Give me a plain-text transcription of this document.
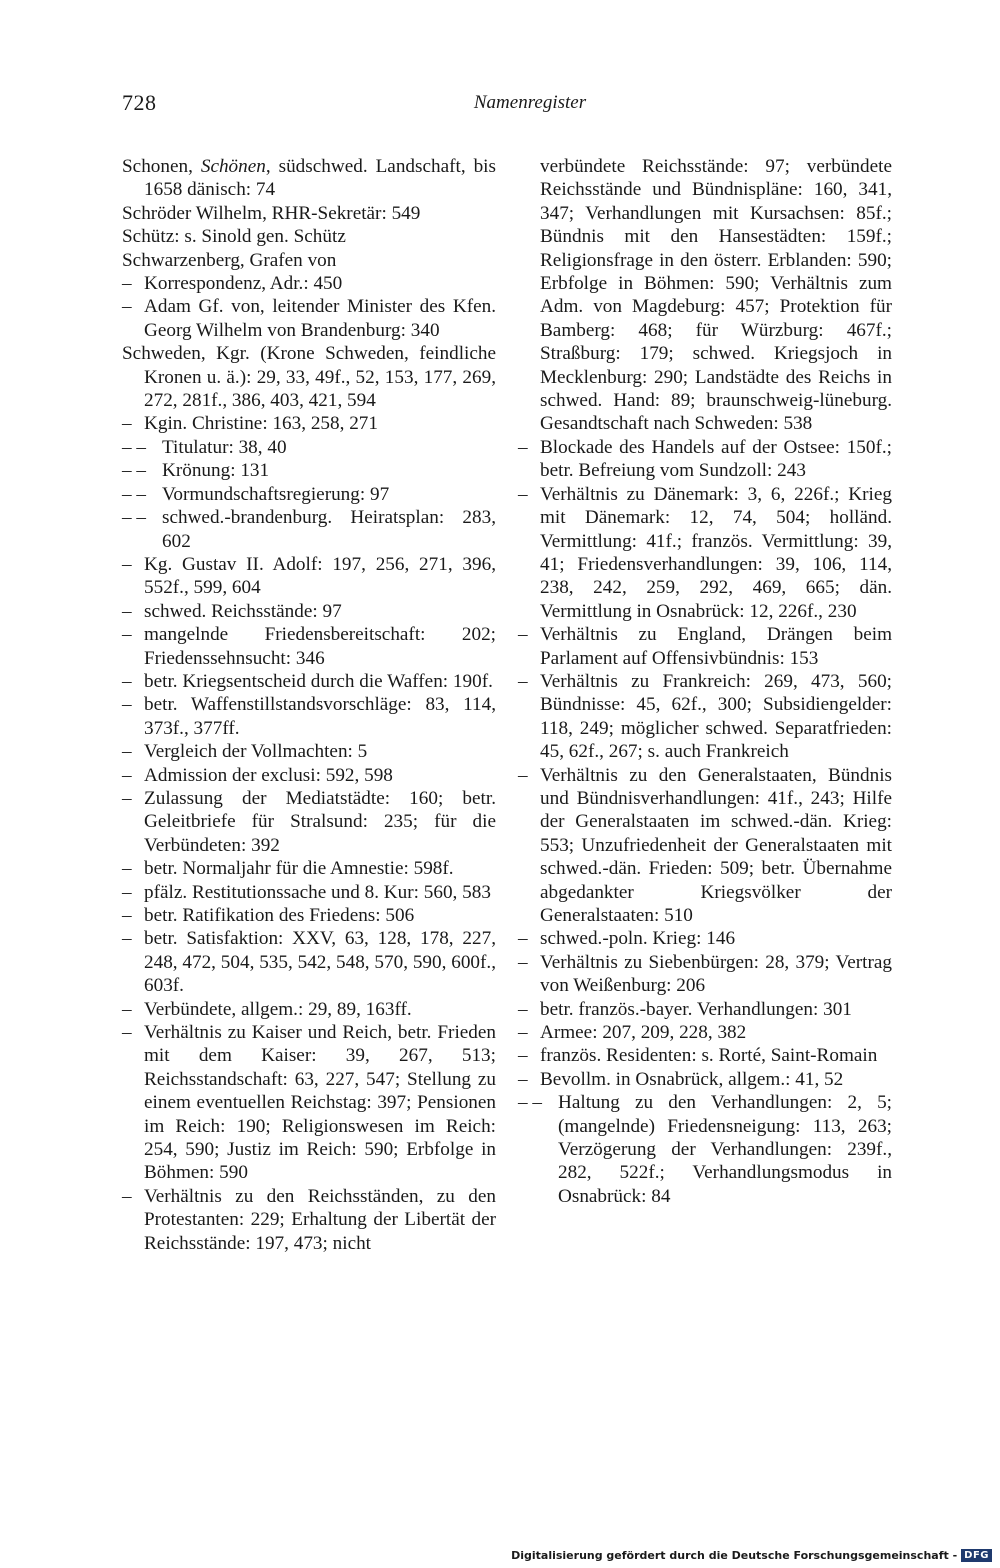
728	Namenregister

Schonen, Schönen, südschwed. Landschaft, bis 1658 dänisch: 74

Schröder Wilhelm, RHR-Sekretär: 549

Schütz: s. Sinold gen. Schütz

Schwarzenberg, Grafen von

– Korrespondenz, Adr.: 450

– Adam Gf. von, leitender Minister des Kfen. Georg Wilhelm von Brandenburg: 340

Schweden, Kgr. (Krone Schweden, feindliche Kronen u. ä.): 29, 33, 49f., 52, 153, 177, 269, 272, 281f., 386, 403, 421, 594

– Kgin. Christine: 163, 258, 271

– – Titulatur: 38, 40

– – Krönung: 131

– – Vormundschaftsregierung: 97

– – schwed.-brandenburg. Heiratsplan: 283, 602

– Kg. Gustav II. Adolf: 197, 256, 271, 396, 552f., 599, 604

– schwed. Reichsstände: 97

– mangelnde Friedensbereitschaft: 202; Friedenssehnsucht: 346

– betr. Kriegsentscheid durch die Waffen: 190f.

– betr. Waffenstillstandsvorschläge: 83, 114, 373f., 377ff.

– Vergleich der Vollmachten: 5

– Admission der exclusi: 592, 598

– Zulassung der Mediatstädte: 160; betr. Geleitbriefe für Stralsund: 235; für die Verbündeten: 392

– betr. Normaljahr für die Amnestie: 598f.

– pfälz. Restitutionssache und 8. Kur: 560, 583

– betr. Ratifikation des Friedens: 506

– betr. Satisfaktion: XXV, 63, 128, 178, 227, 248, 472, 504, 535, 542, 548, 570, 590, 600f., 603f.

– Verbündete, allgem.: 29, 89, 163ff.

– Verhältnis zu Kaiser und Reich, betr. Frieden mit dem Kaiser: 39, 267, 513; Reichsstandschaft: 63, 227, 547; Stellung zu einem eventuellen Reichstag: 397; Pensionen im Reich: 190; Religionswesen im Reich: 254, 590; Justiz im Reich: 590; Erbfolge in Böhmen: 590

– Verhältnis zu den Reichsständen, zu den Protestanten: 229; Erhaltung der Libertät der Reichsstände: 197, 473; nicht

verbündete Reichsstände: 97; verbündete Reichsstände und Bündnispläne: 160, 341, 347; Verhandlungen mit Kursachsen: 85f.; Bündnis mit den Hansestädten: 159f.; Religionsfrage in den österr. Erblanden: 590; Erbfolge in Böhmen: 590; Verhältnis zum Adm. von Magdeburg: 457; Protektion für Bamberg: 468; für Würzburg: 467f.; Straßburg: 179; schwed. Kriegsjoch in Mecklenburg: 290; Landstädte des Reichs in schwed. Hand: 89; braunschweig-lüneburg. Gesandtschaft nach Schweden: 538

– Blockade des Handels auf der Ostsee: 150f.; betr. Befreiung vom Sundzoll: 243

– Verhältnis zu Dänemark: 3, 6, 226f.; Krieg mit Dänemark: 12, 74, 504; holländ. Vermittlung: 41f.; französ. Vermittlung: 39, 41; Friedensverhandlungen: 39, 106, 114, 238, 242, 259, 292, 469, 665; dän. Vermittlung in Osnabrück: 12, 226f., 230

– Verhältnis zu England, Drängen beim Parlament auf Offensivbündnis: 153

– Verhältnis zu Frankreich: 269, 473, 560; Bündnisse: 45, 62f., 300; Subsidiengelder: 118, 249; möglicher schwed. Separatfrieden: 45, 62f., 267; s. auch Frankreich

– Verhältnis zu den Generalstaaten, Bündnis und Bündnisverhandlungen: 41f., 243; Hilfe der Generalstaaten im schwed.-dän. Krieg: 553; Unzufriedenheit der Generalstaaten mit schwed.-dän. Frieden: 509; betr. Übernahme abgedankter Kriegsvölker der Generalstaaten: 510

– schwed.-poln. Krieg: 146

– Verhältnis zu Siebenbürgen: 28, 379; Vertrag von Weißenburg: 206

– betr. französ.-bayer. Verhandlungen: 301

– Armee: 207, 209, 228, 382

– französ. Residenten: s. Rorté, Saint-Romain

– Bevollm. in Osnabrück, allgem.: 41, 52

– – Haltung zu den Verhandlungen: 2, 5; (mangelnde) Friedensneigung: 113, 263; Verzögerung der Verhandlungen: 239f., 282, 522f.; Verhandlungsmodus in Osnabrück: 84

Digitalisierung gefördert durch die Deutsche Forschungsgemeinschaft - DFG
